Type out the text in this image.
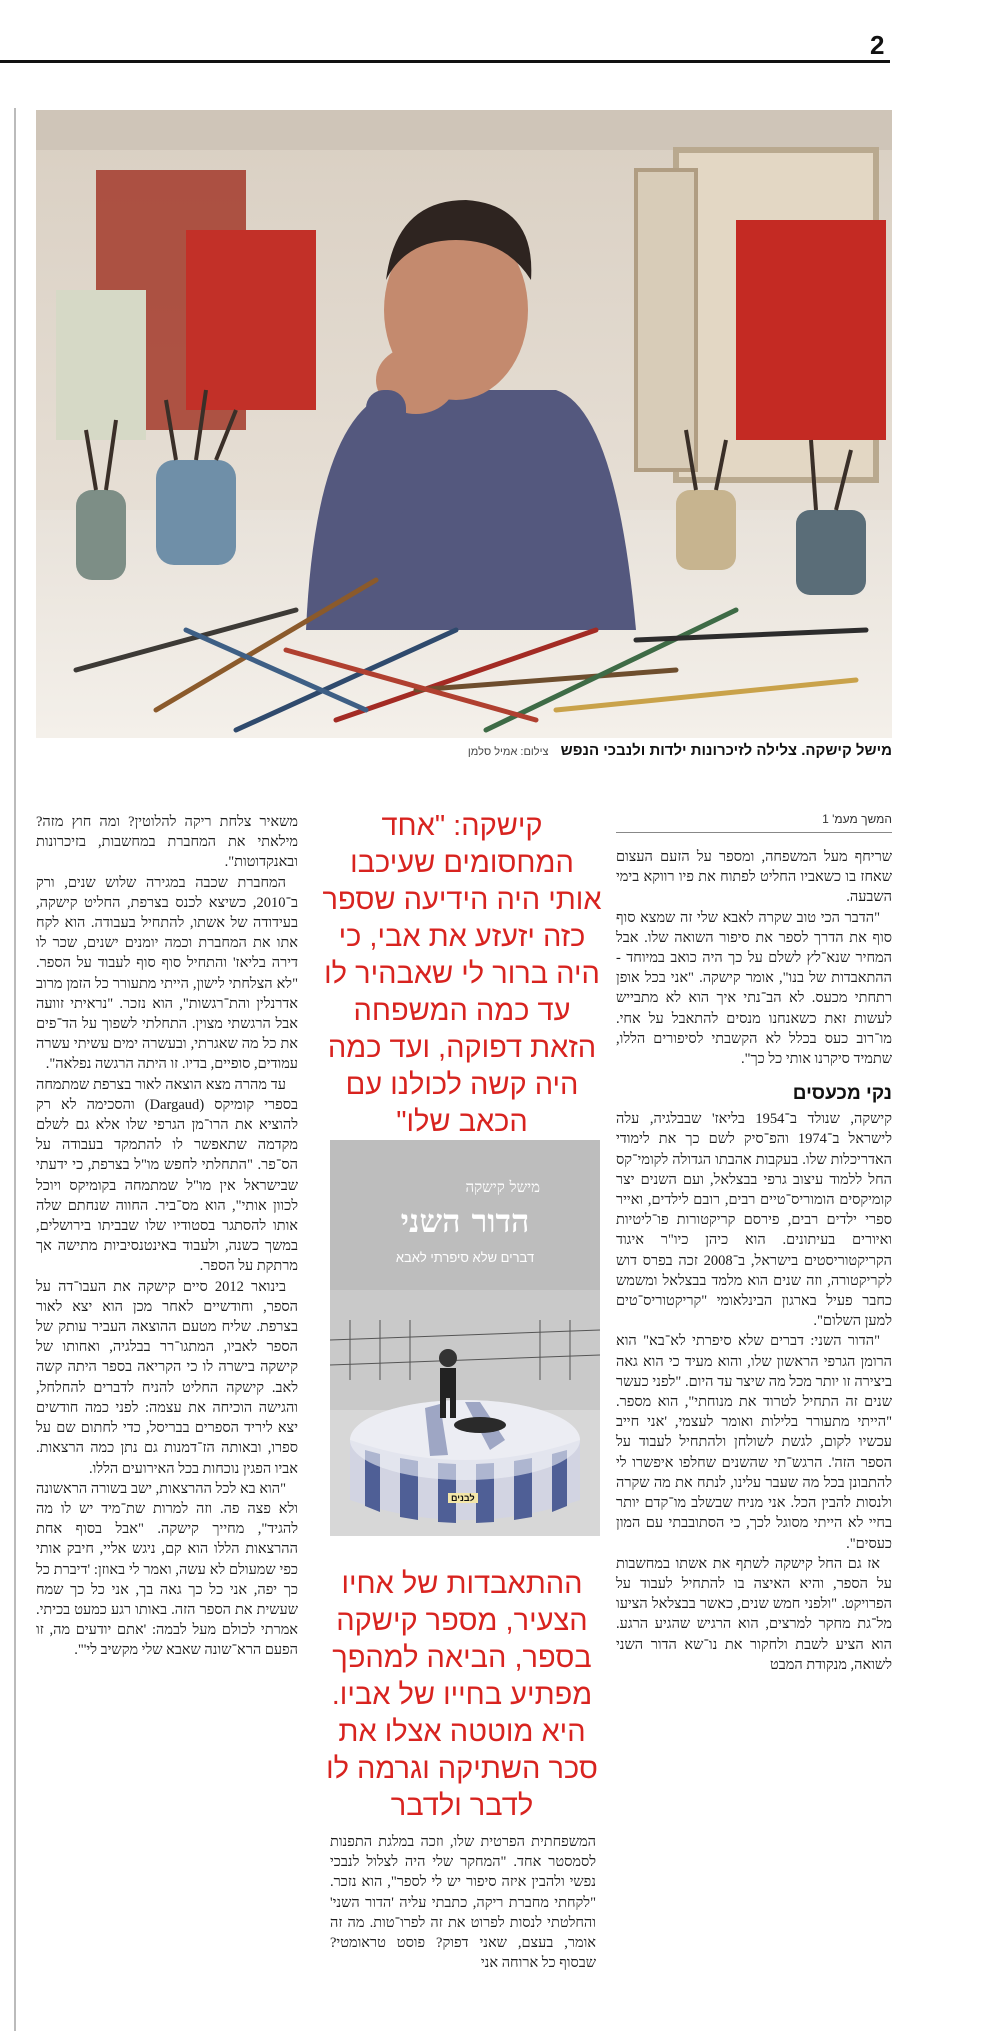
2
מישל קישקה. צלילה לזיכרונות ילדות ולנבכי הנפש צילום: אמיל סלמן
המשך מעמ' 1

שריחף מעל המשפחה, ומספר על הזעם העצום שאחז בו כשאביו החליט לפתוח את פיו רווקא בימי השבעה.

"הדבר הכי טוב שקרה לאבא שלי זה שמצא סוף סוף את הדרך לספר את סיפור השואה שלו. אבל המחיר שנא־לץ לשלם על כך היה כואב במיוחד - ההתאבדות של בנו", אומר קישקה. "אני בכל אופן רתחתי מכעס. לא הב־נתי איך הוא לא מתבייש לעשות זאת כשאנחנו מנסים להתאבל על אחי. מו־רוב כעס בכלל לא הקשבתי לסיפורים הללו, שתמיד סיקרנו אותי כל כך".

נקי מכעסים

קישקה, שנולד ב־1954 בליאז' שבבלגיה, עלה לישראל ב־1974 והפ־סיק לשם כך את לימודי האדריכלות שלו. בעקבות אהבתו הגדולה לקומי־קס החל ללמוד עיצוב גרפי בבצלאל, ועם השנים יצר קומיקסים הומוריס־טיים רבים, רובם לילדים, ואייר ספרי ילדים רבים, פירסם קריקטורות פו־ליטיות ואיורים בעיתונים. הוא כיהן כיו"ר איגוד הקריקטוריסטים בישראל, ב־2008 זכה בפרס דוש לקריקטורה, וזה שנים הוא מלמד בבצלאל ומשמש כחבר פעיל בארגון הבינלאומי "קריקטוריס־טים למען השלום".

"הדור השני: דברים שלא סיפרתי לא־בא" הוא הרומן הגרפי הראשון שלו, והוא מעיד כי הוא גאה ביצירה זו יותר מכל מה שיצר עד היום. "לפני כעשר שנים זה התחיל לטרוד את מנוחתי", הוא מספר. "הייתי מתעורר בלילות ואומר לעצמי, 'אני חייב עכשיו לקום, לגשת לשולחן ולהתחיל לעבוד על הספר הזה'. הרגש־תי שהשנים שחלפו איפשרו לי להתבונן בכל מה שעבר עלינו, לנתח את מה שקרה ולנסות להבין הכל. אני מניח שבשלב מו־קדם יותר בחיי לא הייתי מסוגל לכך, כי הסתובבתי עם המון כעסים".

אז גם החל קישקה לשתף את אשתו במחשבות על הספר, והיא האיצה בו להתחיל לעבוד על הפרויקט. "ולפני חמש שנים, כאשר בבצלאל הציעו מל־גת מחקר למרצים, הוא הרגיש שהגיע הרגע. הוא הציע לשבת ולחקור את נו־שא הדור השני לשואה, מנקודת המבט

קישקה: "אחד המחסומים שעיכבו אותי היה הידיעה שספר כזה יזעזע את אבי, כי היה ברור לי שאבהיר לו עד כמה המשפחה הזאת דפוקה, ועד כמה היה קשה לכולנו עם הכאב שלו"
מישל קישקה
הדור השני
דברים שלא סיפרתי לאבא
לבנים
ההתאבדות של אחיו הצעיר, מספר קישקה בספר, הביאה למהפך מפתיע בחייו של אביו. היא מוטטה אצלו את סכר השתיקה וגרמה לו לדבר ולדבר

המשפחתית הפרטית שלו, וזכה במלגת התפנות לסמסטר אחד. "המחקר שלי היה לצלול לנבכי נפשי ולהבין איזה סיפור יש לי לספר", הוא נזכר. "לקחתי מחברת ריקה, כתבתי עליה 'הדור השני' והחלטתי לנסות לפרוט את זה לפרו־טות. מה זה אומר, בעצם, שאני דפוק? פוסט טראומטי? שבסוף כל ארוחה אני

משאיר צלחת ריקה להלוטין? ומה חוץ מזה? מילאתי את המחברת במחשבות, בזיכרונות ובאנקדוטות".

המחברת שכבה במגירה שלוש שנים, ורק ב־2010, כשיצא לכנס בצרפת, החליט קישקה, בעידודה של אשתו, להתחיל בעבודה. הוא לקח אתו את המחברת וכמה יומנים ישנים, שכר לו דירה בליאז' והתחיל סוף סוף לעבוד על הספר. "לא הצלחתי לישון, הייתי מתעורר כל הזמן מרוב אדרנלין והת־רגשות", הוא נזכר. "נראיתי זוועה אבל הרגשתי מצוין. התחלתי לשפוך על הד־פים את כל מה שאגרתי, ובעשרה ימים עשיתי עשרה עמודים, סופיים, בדיו. זו היתה הרגשה נפלאה".

עד מהרה מצא הוצאה לאור בצרפת שמתמחה בספרי קומיקס (Dargaud) והסכימה לא רק להוציא את הרו־מן הגרפי שלו אלא גם לשלם מקדמה שתאפשר לו להתמקד בעבודה על הס־פר. "התחלתי לחפש מו"ל בצרפת, כי ידעתי שבישראל אין מו"ל שמתמחה בקומיקס ויוכל לכוון אותי", הוא מס־ביר. החווה שנחתם שלה אותו להסתגר בסטודיו שלו שבביתו בירושלים, במשך כשנה, ולעבוד באינטנסיביות מתישה אך מרתקת על הספר.

בינואר 2012 סיים קישקה את העבו־דה על הספר, וחודשיים לאחר מכן הוא יצא לאור בצרפת. שליח מטעם ההוצאה העביר עותק של הספר לאביו, המתגו־רר בבלגיה, ואחותו של קישקה בישרה לו כי הקריאה בספר היתה קשה לאב. קישקה החליט להניח לדברים להחלחל, והגישה הוכיחה את עצמה: לפני כמה חודשים יצא ליריד הספרים בבריסל, כדי לחתום שם על ספרו, ובאותה הז־דמנות גם נתן כמה הרצאות. אביו הפגין נוכחות בכל האירועים הללו.

"הוא בא לכל ההרצאות, ישב בשורה הראשונה ולא פצה פה. וזה למרות שת־מיד יש לו מה להגיד", מחייך קישקה. "אבל בסוף אחת ההרצאות הללו הוא קם, ניגש אליי, חיבק אותי כפי שמעולם לא עשה, ואמר לי באוזן: 'דיברת כל כך יפה, אני כל כך גאה בך, אני כל כך שמח שעשית את הספר הזה. באותו רגע כמעט בכיתי. אמרתי לכולם מעל לבמה: 'אתם יודעים מה, זו הפעם הרא־שונה שאבא שלי מקשיב לי'".
